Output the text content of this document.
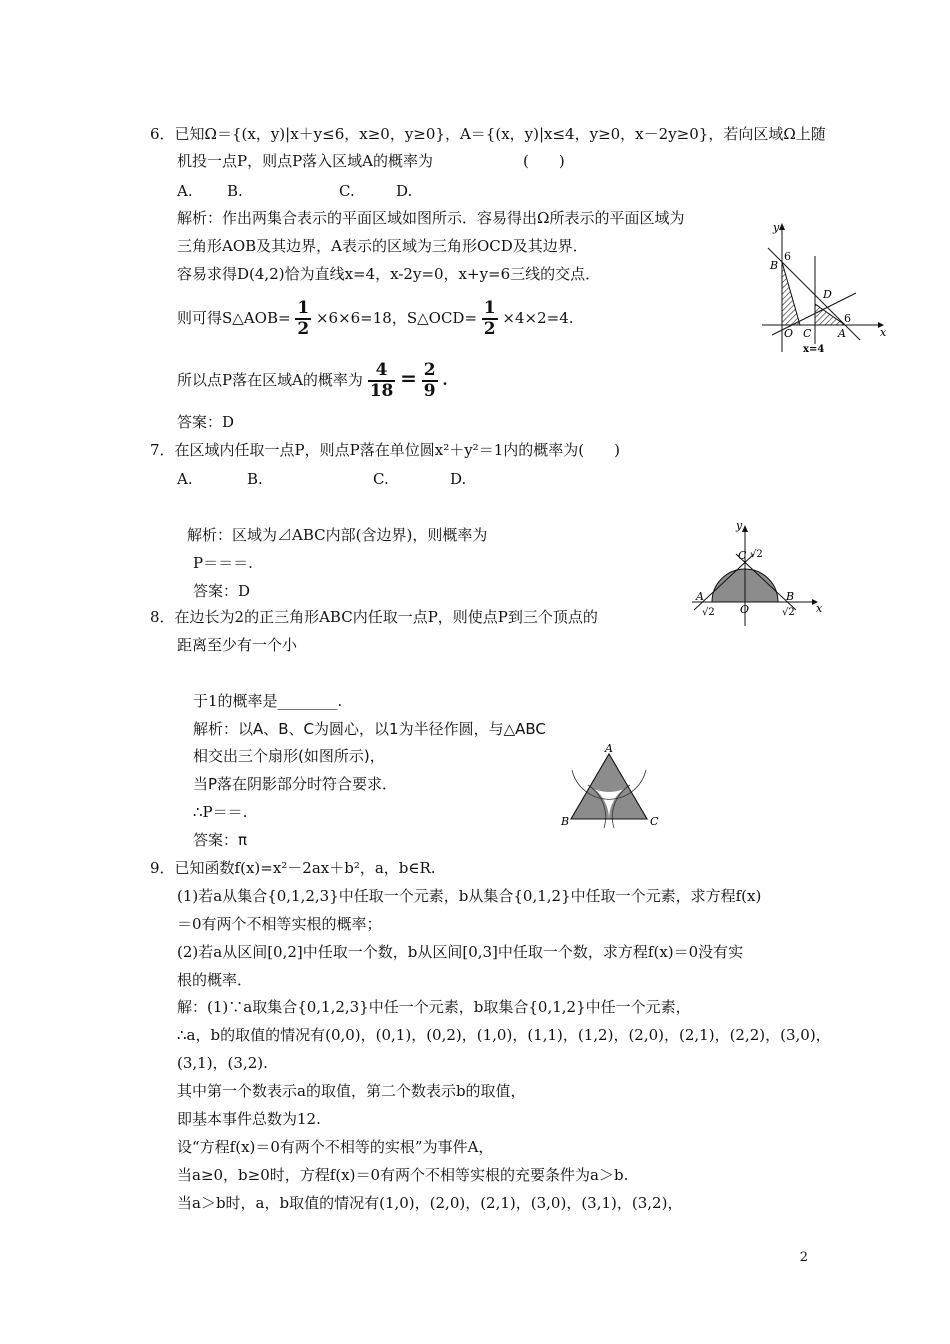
6．已知Ω＝{(x，y)|x＋y≤6，x≥0，y≥0}，A＝{(x，y)|x≤4，y≥0，x－2y≥0}，若向区域Ω上随
机投一点P，则点P落入区域A的概率为　　　　　　(　　)
A. B.	C.	D.
解析：作出两集合表示的平面区域如图所示．容易得出Ω所表示的平面区域为
三角形AOB及其边界，A表示的区域为三角形OCD及其边界．
容易求得D(4,2)恰为直线x=4，x-2y=0，x+y=6三线的交点．
则可得S△AOB= $\frac{1}{2} \times 6\times 6=18$，S△OCD= $\frac{1}{2} \times 4\times 2=4$.
所以点P落在区域A的概率为 $\frac{4}{18} = \frac{2}{9}$ .
答案：D
y
x
6
B
D
O C
6
A
x=4
7．在区域内任取一点P，则点P落在单位圆x²＋y²＝1内的概率为(　　)
A.	B.	C.	D.
解析：区域为⊿ABC内部(含边界)，则概率为
P＝＝＝.
答案：D
y
x
C √2
A
√2 O
B
√2
8．在边长为2的正三角形ABC内任取一点P，则使点P到三个顶点的
距离至少有一个小
于1的概率是________.
解析：以A、B、C为圆心，以1为半径作圆，与△ABC
相交出三个扇形(如图所示)，
当P落在阴影部分时符合要求．
∴P＝＝.
答案：π
A
B	C
9．已知函数f(x)=x²－2ax＋b²，a，b∈R.
(1)若a从集合{0,1,2,3}中任取一个元素，b从集合{0,1,2}中任取一个元素，求方程f(x)
＝0有两个不相等实根的概率；
(2)若a从区间[0,2]中任取一个数，b从区间[0,3]中任取一个数，求方程f(x)＝0没有实
根的概率．
解：(1)∵a取集合{0,1,2,3}中任一个元素，b取集合{0,1,2}中任一个元素，
∴a，b的取值的情况有(0,0)，(0,1)，(0,2)，(1,0)，(1,1)，(1,2)，(2,0)，(2,1)，(2,2)，(3,0)，
(3,1)，(3,2).
其中第一个数表示a的取值，第二个数表示b的取值，
即基本事件总数为12.
设“方程f(x)＝0有两个不相等的实根”为事件A，
当a≥0，b≥0时，方程f(x)＝0有两个不相等实根的充要条件为a＞b.
当a＞b时，a，b取值的情况有(1,0)，(2,0)，(2,1)，(3,0)，(3,1)，(3,2)，
2
